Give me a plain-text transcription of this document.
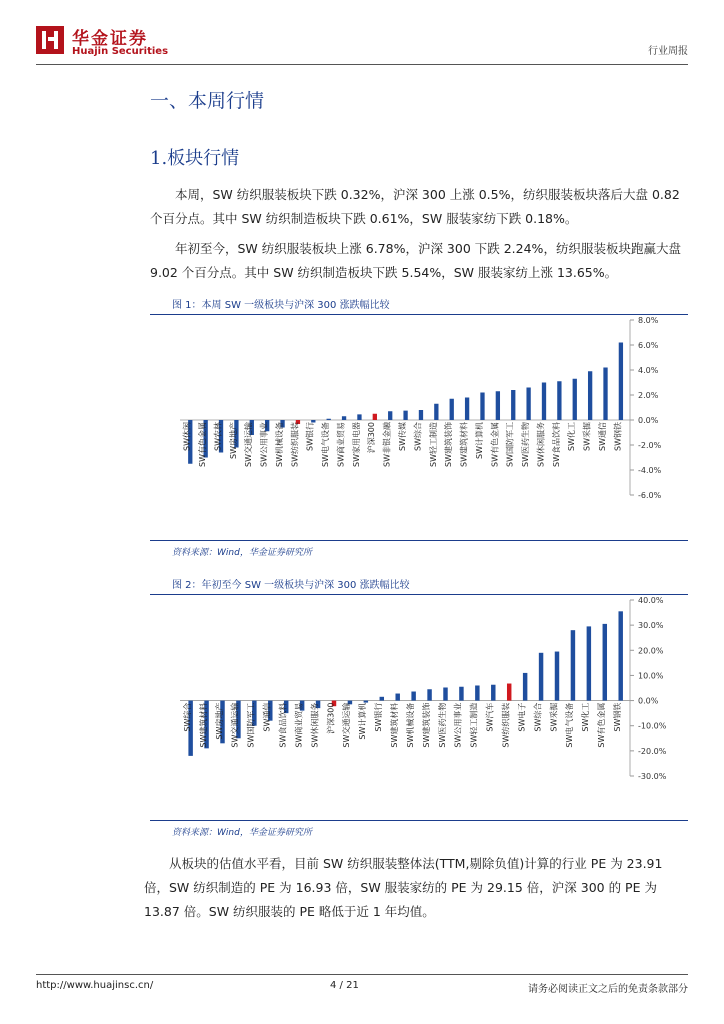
华金证券
Huajin Securities	行业周报
一、本周行情
1.板块行情
本周，SW 纺织服装板块下跌 0.32%，沪深 300 上涨 0.5%，纺织服装板块落后大盘 0.82 个百分点。其中 SW 纺织制造板块下跌 0.61%，SW 服装家纺下跌 0.18%。
年初至今，SW 纺织服装板块上涨 6.78%，沪深 300 下跌 2.24%，纺织服装板块跑赢大盘 9.02 个百分点。其中 SW 纺织制造板块下跌 5.54%，SW 服装家纺上涨 13.65%。
图 1：本周 SW 一级板块与沪深 300 涨跌幅比较
8.0%
6.0%
4.0%
2.0%
0.0%
-2.0%
-4.0%
-6.0%
SW休闲 SW有色金属 SW农林 SW房地产 SW交通运输 SW公用事业 SW机械设备 SW纺织服装 SW银行 SW电气设备 SW商业贸易 SW家用电器 沪深300 SW非银金融 SW传媒 SW综合 SW轻工制造 SW建筑装饰 SW建筑材料 SW计算机 SW有色金属 SW国防军工 SW医药生物 SW休闲服务 SW食品饮料 SW化工 SW采掘 SW通信 SW钢铁
资料来源：Wind，华金证券研究所
图 2：年初至今 SW 一级板块与沪深 300 涨跌幅比较
40.0%
30.0%
20.0%
10.0%
0.0%
-10.0%
-20.0%
-30.0%
SW综合 SW建筑材料 SW房地产 SW交通运输 SW国防军工 SW通信 SW食品饮料 SW商业贸易 SW休闲服务 沪深300 SW交通运输 SW计算机 SW银行 SW建筑材料 SW机械设备 SW建筑装饰 SW医药生物 SW公用事业 SW轻工制造 SW汽车 SW纺织服装 SW电子 SW综合 SW采掘 SW电气设备 SW化工 SW有色金属 SW钢铁
资料来源：Wind，华金证券研究所
从板块的估值水平看，目前 SW 纺织服装整体法(TTM,剔除负值)计算的行业 PE 为 23.91 倍，SW 纺织制造的 PE 为 16.93 倍，SW 服装家纺的 PE 为 29.15 倍，沪深 300 的 PE 为 13.87 倍。SW 纺织服装的 PE 略低于近 1 年均值。
http://www.huajinsc.cn/	4 / 21	请务必阅读正文之后的免责条款部分
